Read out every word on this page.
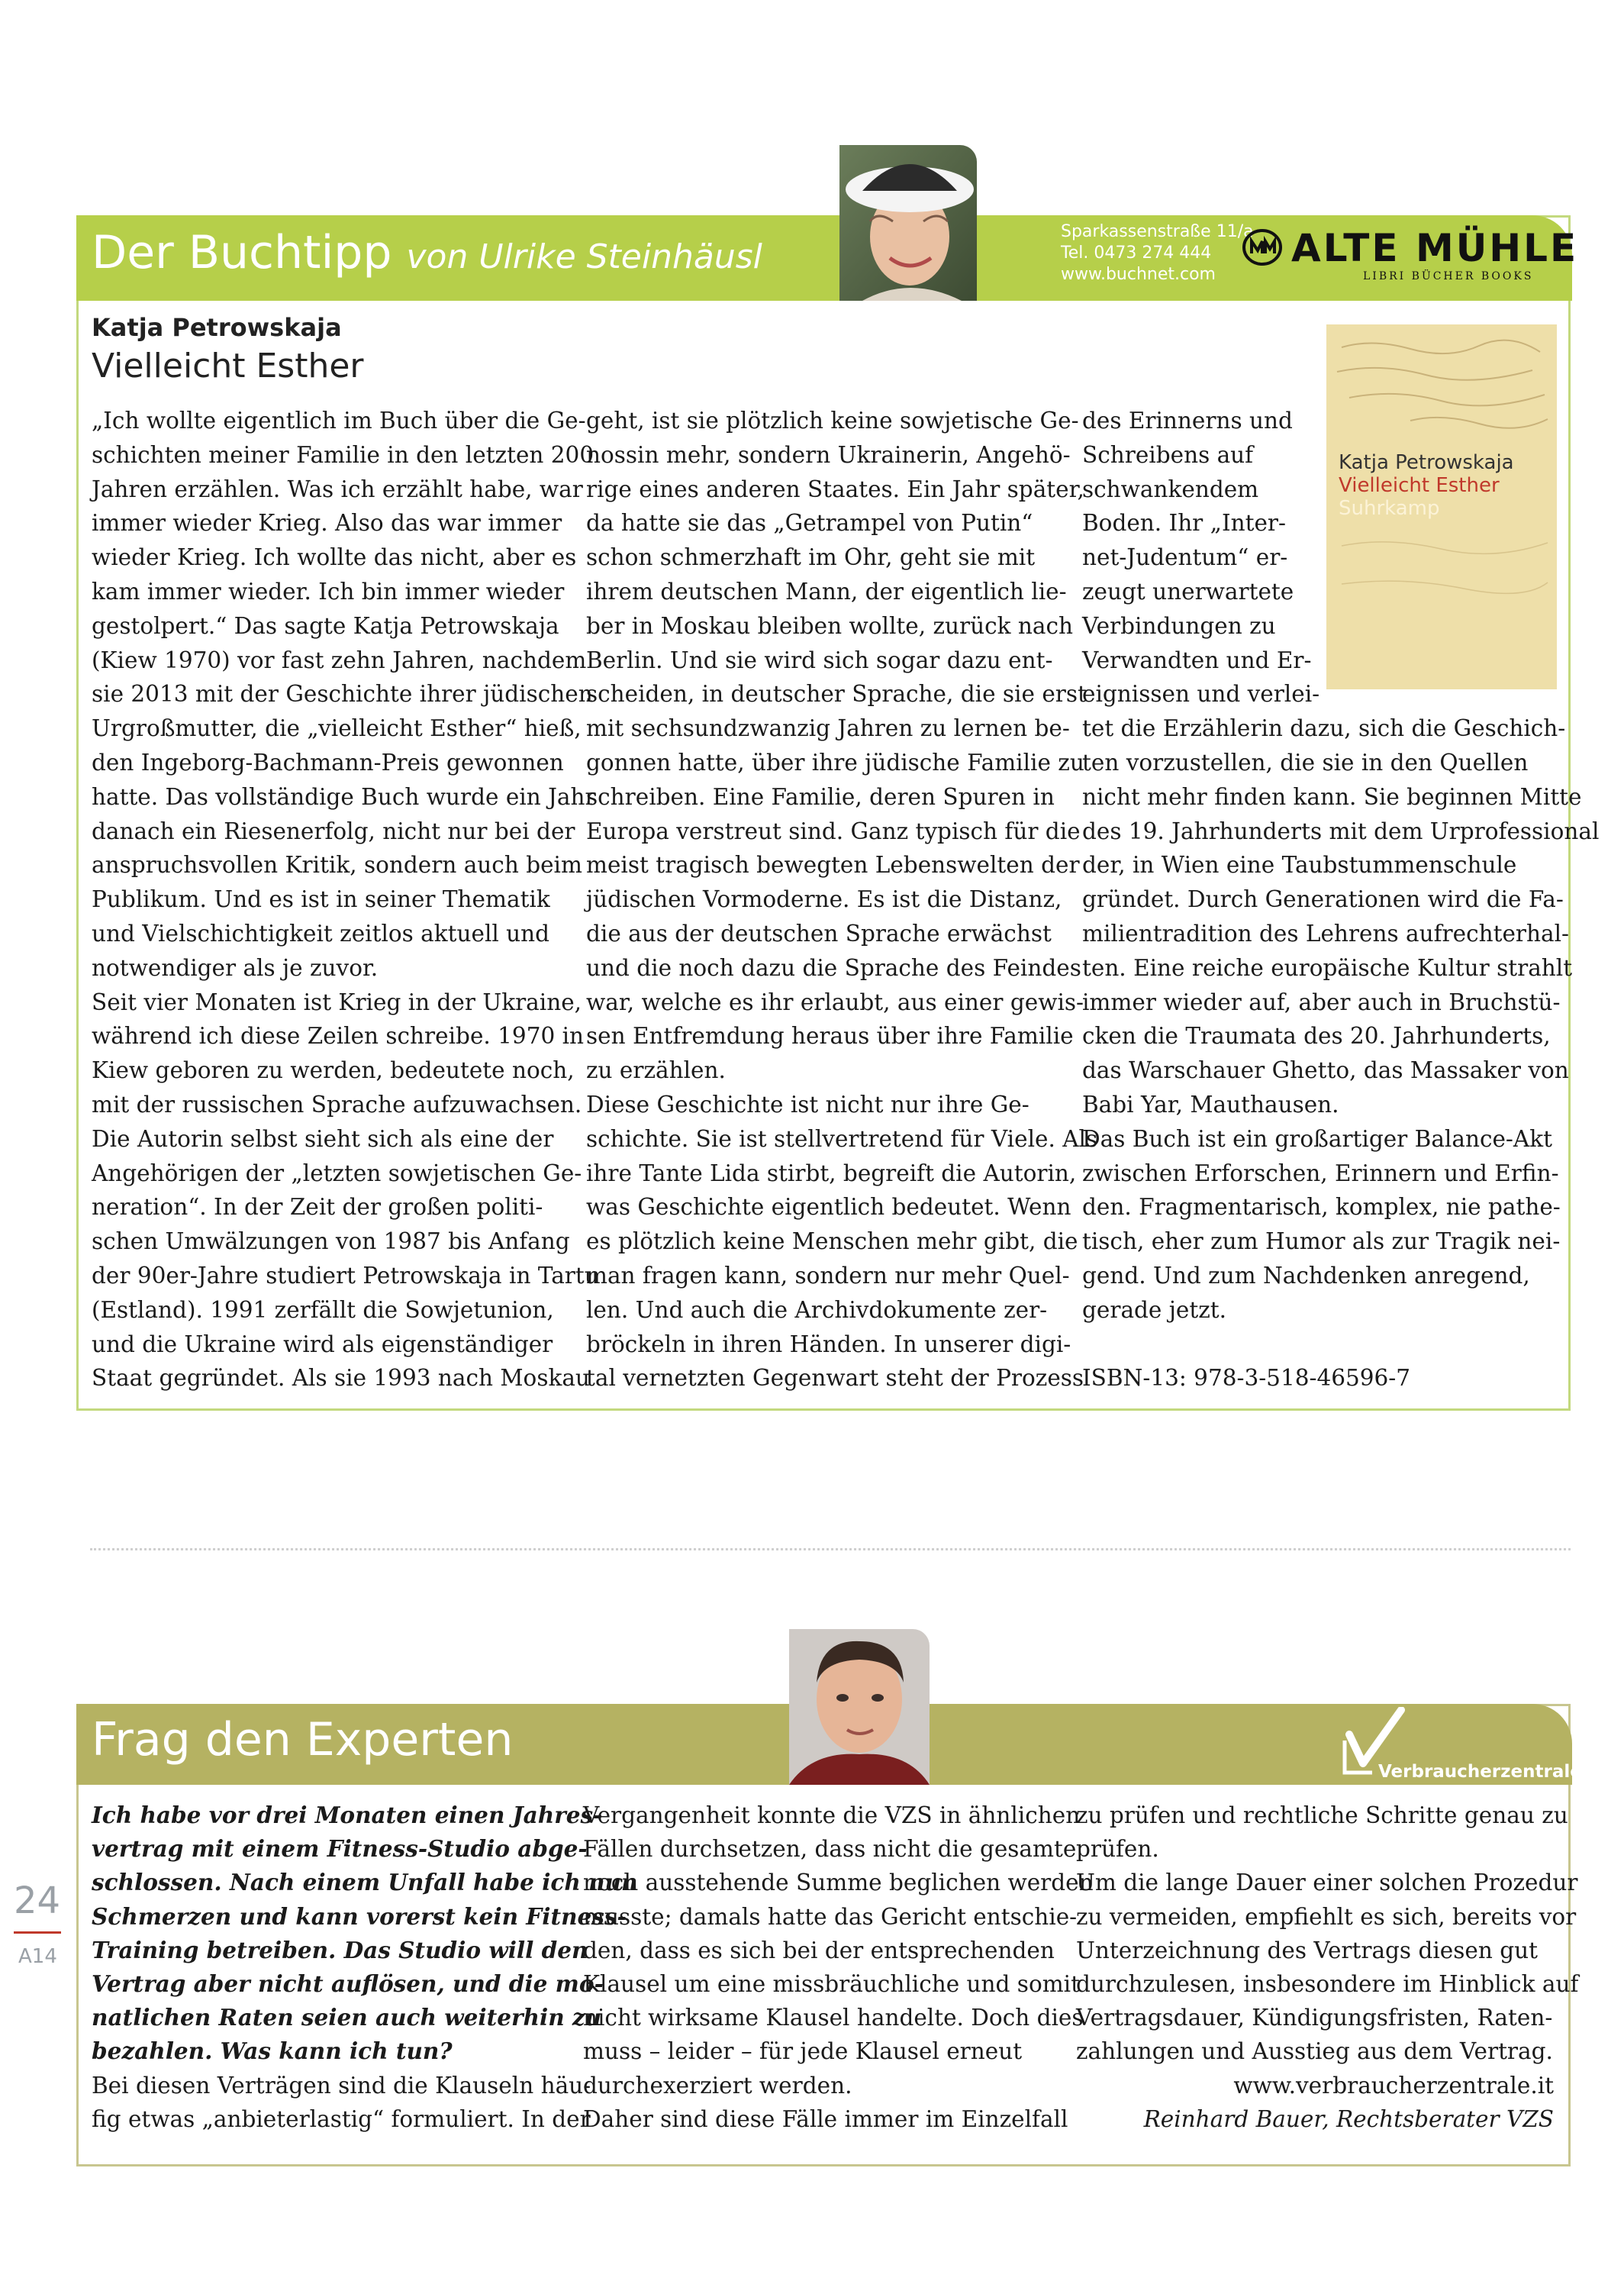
Der Buchtipp von Ulrike Steinhäusl
Sparkassenstraße 11/a
Tel. 0473 274 444
www.buchnet.com
ALTE MÜHLE
LIBRI BÜCHER BOOKS
Katja Petrowskaja
Vielleicht Esther
„Ich wollte eigentlich im Buch über die Ge-
schichten meiner Familie in den letzten 200
Jahren erzählen. Was ich erzählt habe, war
immer wieder Krieg. Also das war immer
wieder Krieg. Ich wollte das nicht, aber es
kam immer wieder. Ich bin immer wieder
gestolpert.“ Das sagte Katja Petrowskaja
(Kiew 1970) vor fast zehn Jahren, nachdem
sie 2013 mit der Geschichte ihrer jüdischen
Urgroßmutter, die „vielleicht Esther“ hieß,
den Ingeborg-Bachmann-Preis gewonnen
hatte. Das vollständige Buch wurde ein Jahr
danach ein Riesenerfolg, nicht nur bei der
anspruchsvollen Kritik, sondern auch beim
Publikum. Und es ist in seiner Thematik
und Vielschichtigkeit zeitlos aktuell und
notwendiger als je zuvor.
Seit vier Monaten ist Krieg in der Ukraine,
während ich diese Zeilen schreibe. 1970 in
Kiew geboren zu werden, bedeutete noch,
mit der russischen Sprache aufzuwachsen.
Die Autorin selbst sieht sich als eine der
Angehörigen der „letzten sowjetischen Ge-
neration“. In der Zeit der großen politi-
schen Umwälzungen von 1987 bis Anfang
der 90er-Jahre studiert Petrowskaja in Tartu
(Estland). 1991 zerfällt die Sowjetunion,
und die Ukraine wird als eigenständiger
Staat gegründet. Als sie 1993 nach Moskau
geht, ist sie plötzlich keine sowjetische Ge-
nossin mehr, sondern Ukrainerin, Angehö-
rige eines anderen Staates. Ein Jahr später,
da hatte sie das „Getrampel von Putin“
schon schmerzhaft im Ohr, geht sie mit
ihrem deutschen Mann, der eigentlich lie-
ber in Moskau bleiben wollte, zurück nach
Berlin. Und sie wird sich sogar dazu ent-
scheiden, in deutscher Sprache, die sie erst
mit sechsundzwanzig Jahren zu lernen be-
gonnen hatte, über ihre jüdische Familie zu
schreiben. Eine Familie, deren Spuren in
Europa verstreut sind. Ganz typisch für die
meist tragisch bewegten Lebenswelten der
jüdischen Vormoderne. Es ist die Distanz,
die aus der deutschen Sprache erwächst
und die noch dazu die Sprache des Feindes
war, welche es ihr erlaubt, aus einer gewis-
sen Entfremdung heraus über ihre Familie
zu erzählen.
Diese Geschichte ist nicht nur ihre Ge-
schichte. Sie ist stellvertretend für Viele. Als
ihre Tante Lida stirbt, begreift die Autorin,
was Geschichte eigentlich bedeutet. Wenn
es plötzlich keine Menschen mehr gibt, die
man fragen kann, sondern nur mehr Quel-
len. Und auch die Archivdokumente zer-
bröckeln in ihren Händen. In unserer digi-
tal vernetzten Gegenwart steht der Prozess
des Erinnerns und
Schreibens auf
schwankendem
Boden. Ihr „Inter-
net-Judentum“ er-
zeugt unerwartete
Verbindungen zu
Verwandten und Er-
eignissen und verlei-
tet die Erzählerin dazu, sich die Geschich-
ten vorzustellen, die sie in den Quellen
nicht mehr finden kann. Sie beginnen Mitte
des 19. Jahrhunderts mit dem Urprofessional
der, in Wien eine Taubstummenschule
gründet. Durch Generationen wird die Fa-
milientradition des Lehrens aufrechterhal-
ten. Eine reiche europäische Kultur strahlt
immer wieder auf, aber auch in Bruchstü-
cken die Traumata des 20. Jahrhunderts,
das Warschauer Ghetto, das Massaker von
Babi Yar, Mauthausen.
Das Buch ist ein großartiger Balance-Akt
zwischen Erforschen, Erinnern und Erfin-
den. Fragmentarisch, komplex, nie pathe-
tisch, eher zum Humor als zur Tragik nei-
gend. Und zum Nachdenken anregend,
gerade jetzt.
ISBN-13: 978-3-518-46596-7
Katja Petrowskaja
Vielleicht Esther
Suhrkamp
Frag den Experten
Verbraucherzentrale
Ich habe vor drei Monaten einen Jahres-
vertrag mit einem Fitness-Studio abge-
schlossen. Nach einem Unfall habe ich nun
Schmerzen und kann vorerst kein Fitness-
Training betreiben. Das Studio will den
Vertrag aber nicht auflösen, und die mo-
natlichen Raten seien auch weiterhin zu
bezahlen. Was kann ich tun?
Bei diesen Verträgen sind die Klauseln häu-
fig etwas „anbieterlastig“ formuliert. In der
Vergangenheit konnte die VZS in ähnlichen
Fällen durchsetzen, dass nicht die gesamte
noch ausstehende Summe beglichen werden
musste; damals hatte das Gericht entschie-
den, dass es sich bei der entsprechenden
Klausel um eine missbräuchliche und somit
nicht wirksame Klausel handelte. Doch dies
muss – leider – für jede Klausel erneut
durchexerziert werden.
Daher sind diese Fälle immer im Einzelfall
zu prüfen und rechtliche Schritte genau zu
prüfen.
Um die lange Dauer einer solchen Prozedur
zu vermeiden, empfiehlt es sich, bereits vor
Unterzeichnung des Vertrags diesen gut
durchzulesen, insbesondere im Hinblick auf
Vertragsdauer, Kündigungsfristen, Raten-
zahlungen und Ausstieg aus dem Vertrag.
www.verbraucherzentrale.it
Reinhard Bauer, Rechtsberater VZS
24
A14
